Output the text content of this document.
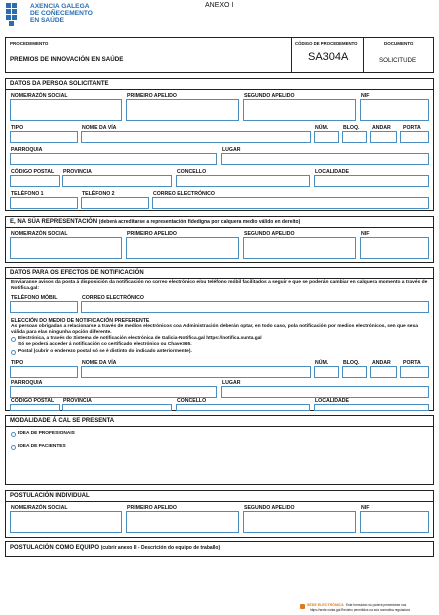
AXENCIA GALEGA
DE COÑECEMENTO
EN SAÚDE
ANEXO I
PROCEDEMENTO
PREMIOS DE INNOVACIÓN EN SAÚDE
CÓDIGO DE PROCEDEMENTO
SA304A
DOCUMENTO
SOLICITUDE
DATOS DA PERSOA SOLICITANTE
NOME/RAZÓN SOCIAL	PRIMEIRO APELIDO	SEGUNDO APELIDO	NIF
TIPO	NOME DA VÍA	NÚM.	BLOQ. ANDAR PORTA
PARROQUIA	LUGAR
CÓDIGO POSTAL PROVINCIA	CONCELLO	LOCALIDADE
TELÉFONO 1	TELÉFONO 2	CORREO ELECTRÓNICO
E, NA SÚA REPRESENTACIÓN (deberá acreditarse a representación fidedigna por calquera medio válido en dereito)
NOME/RAZÓN SOCIAL	PRIMEIRO APELIDO	SEGUNDO APELIDO	NIF
DATOS PARA OS EFECTOS DE NOTIFICACIÓN
Enviaranse avisos da posta á disposición da notificación no correo electrónico e/ou teléfono móbil facilitados a seguir e que se poderán cambiar en calquera momento a través de Notifica.gal:
TELÉFONO MÓBIL	CORREO ELECTRÓNICO
ELECCIÓN DO MEDIO DE NOTIFICACIÓN PREFERENTE
As persoas obrigadas a relacionarse a través de medios electrónicos coa Administración deberán optar, en todo caso, pola notificación por medios electrónicos, sen que sexa válida para elas ningunha opción diferente.
Electrónica, a través do Sistema de notificación electrónica de Galicia-Notifica.gal https://notifica.xunta.gal
Só se poderá acceder á notificación co certificado electrónico ou Chave365.
Postal (cubrir o enderezo postal só se é distinto do indicado anteriormente).
TIPO	NOME DA VÍA	NÚM.	BLOQ. ANDAR PORTA
PARROQUIA	LUGAR
CÓDIGO POSTAL PROVINCIA	CONCELLO	LOCALIDADE
MODALIDADE Á CAL SE PRESENTA
IDEA DE PROFESIONAIS
IDEA DE PACIENTES
POSTULACIÓN INDIVIDUAL
NOME/RAZÓN SOCIAL	PRIMEIRO APELIDO	SEGUNDO APELIDO	NIF
POSTULACIÓN COMO EQUIPO (cubrir anexo II - Descrición do equipo de traballo)
SEDE ELECTRÓNICA Este formulario só poderá presentarse nos
https://sede.xunta.gal Rexistro permitidos na súa normativa reguladora
